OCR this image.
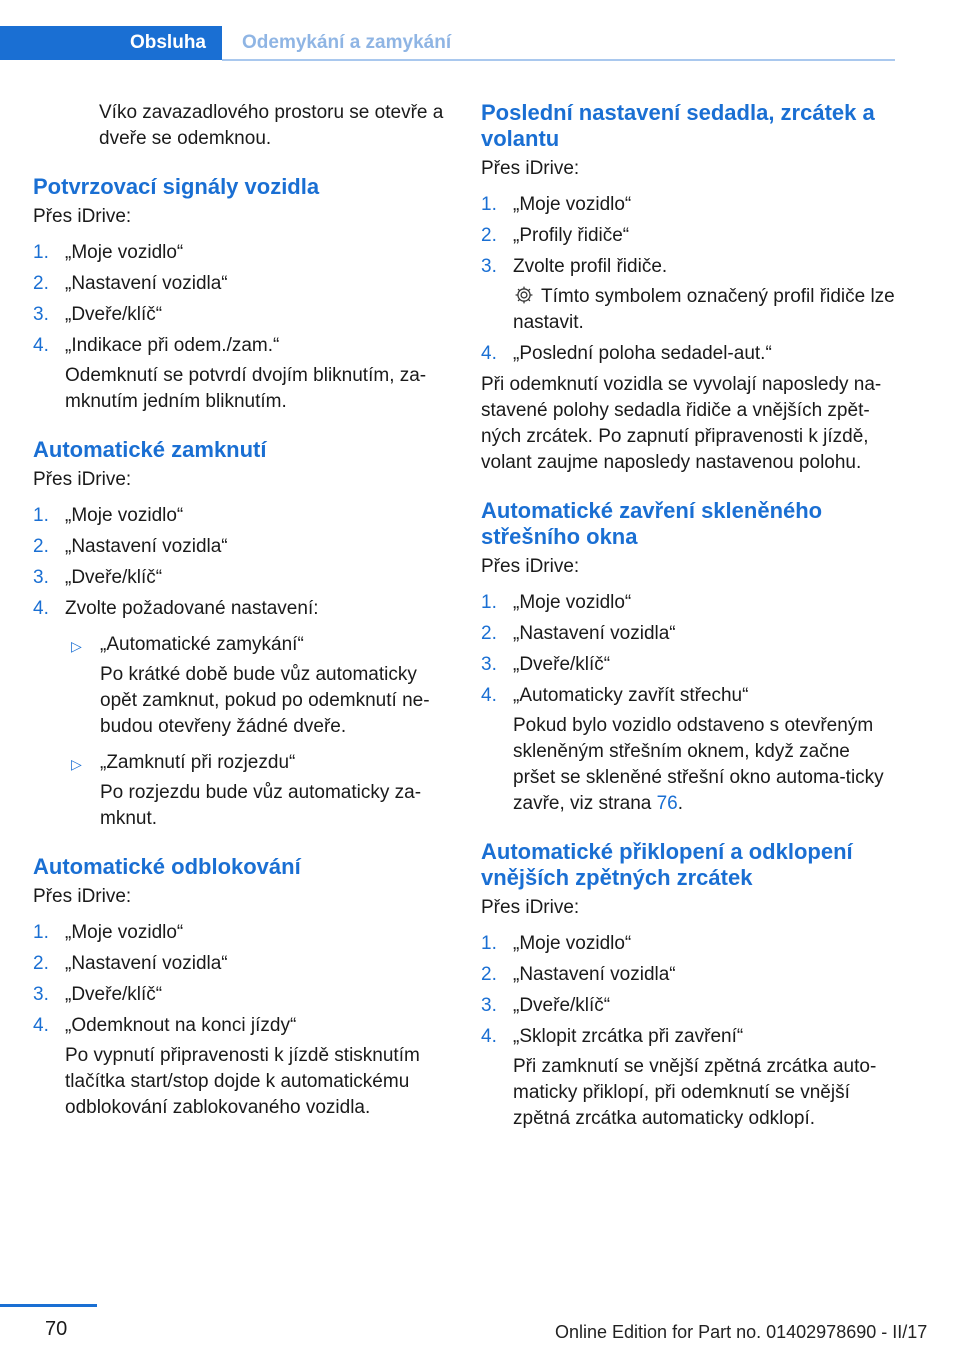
Obsluha	Odemykání a zamykání

Víko zavazadlového prostoru se otevře a dveře se odemknou.

Potvrzovací signály vozidla

Přes iDrive:

1. „Moje vozidlo“
2. „Nastavení vozidla“
3. „Dveře/klíč“
4. „Indikace při odem./zam.“
Odemknutí se potvrdí dvojím bliknutím, za-mknutím jedním bliknutím.
Automatické zamknutí

Přes iDrive:

1. „Moje vozidlo“
2. „Nastavení vozidla“
3. „Dveře/klíč“
4. Zvolte požadované nastavení:
▷ „Automatické zamykání“
Po krátké době bude vůz automaticky opět zamknut, pokud po odemknutí ne-budou otevřeny žádné dveře.
▷ „Zamknutí při rozjezdu“
Po rozjezdu bude vůz automaticky za-mknut.
Automatické odblokování

Přes iDrive:

1. „Moje vozidlo“
2. „Nastavení vozidla“
3. „Dveře/klíč“
4. „Odemknout na konci jízdy“
Po vypnutí připravenosti k jízdě stisknutím tlačítka start/stop dojde k automatickému odblokování zablokovaného vozidla.
Poslední nastavení sedadla, zrcátek a volantu

Přes iDrive:

1. „Moje vozidlo“
2. „Profily řidiče“
3. Zvolte profil řidiče.
Tímto symbolem označený profil řidiče lze nastavit.
4. „Poslední poloha sedadel-aut.“

Při odemknutí vozidla se vyvolají naposledy na-stavené polohy sedadla řidiče a vnějších zpět-ných zrcátek. Po zapnutí připravenosti k jízdě, volant zaujme naposledy nastavenou polohu.

Automatické zavření skleněného střešního okna

Přes iDrive:

1. „Moje vozidlo“
2. „Nastavení vozidla“
3. „Dveře/klíč“
4. „Automaticky zavřít střechu“
Pokud bylo vozidlo odstaveno s otevřeným skleněným střešním oknem, když začne pršet se skleněné střešní okno automa-ticky zavře, viz strana 76.
Automatické přiklopení a odklopení vnějších zpětných zrcátek

Přes iDrive:

1. „Moje vozidlo“
2. „Nastavení vozidla“
3. „Dveře/klíč“
4. „Sklopit zrcátka při zavření“
Při zamknutí se vnější zpětná zrcátka auto-maticky přiklopí, při odemknutí se vnější zpětná zrcátka automaticky odklopí.
70	Online Edition for Part no. 01402978690 - II/17
